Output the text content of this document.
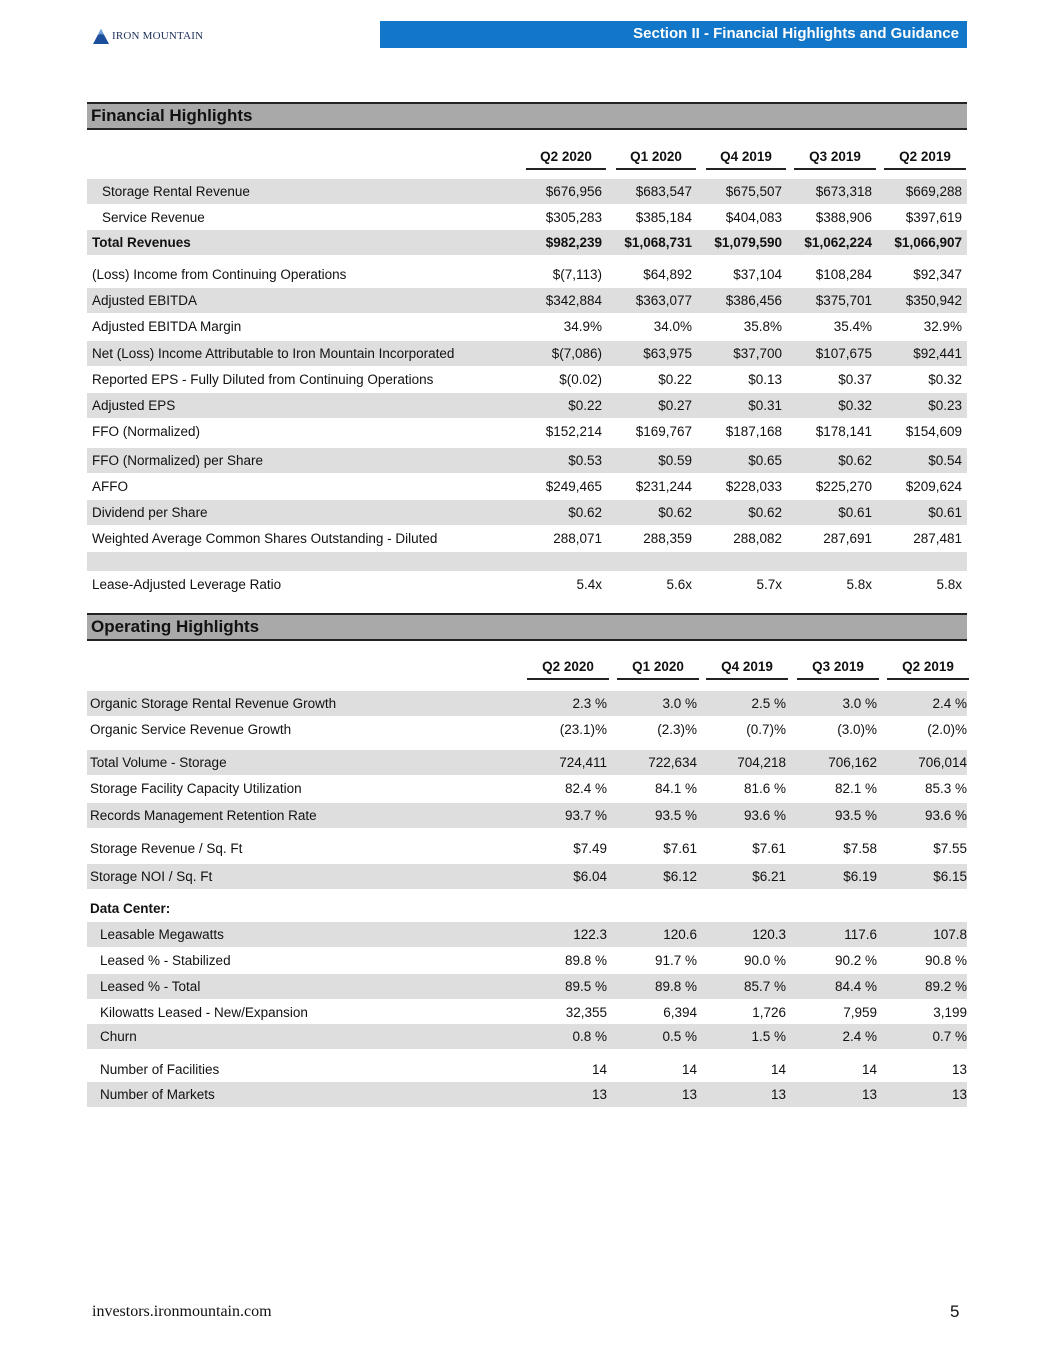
IRON MOUNTAIN	Section II - Financial Highlights and Guidance
Financial Highlights
Q2 2020	Q1 2020	Q4 2019	Q3 2019	Q2 2019
Storage Rental Revenue	$676,956	$683,547	$675,507	$673,318	$669,288
Service Revenue	$305,283	$385,184	$404,083	$388,906	$397,619
Total Revenues	$982,239	$1,068,731	$1,079,590	$1,062,224	$1,066,907
(Loss) Income from Continuing Operations	$(7,113)	$64,892	$37,104	$108,284	$92,347
Adjusted EBITDA	$342,884	$363,077	$386,456	$375,701	$350,942
Adjusted EBITDA Margin	34.9%	34.0%	35.8%	35.4%	32.9%
Net (Loss) Income Attributable to Iron Mountain Incorporated	$(7,086)	$63,975	$37,700	$107,675	$92,441
Reported EPS - Fully Diluted from Continuing Operations	$(0.02)	$0.22	$0.13	$0.37	$0.32
Adjusted EPS	$0.22	$0.27	$0.31	$0.32	$0.23
FFO (Normalized)	$152,214	$169,767	$187,168	$178,141	$154,609
FFO (Normalized) per Share	$0.53	$0.59	$0.65	$0.62	$0.54
AFFO	$249,465	$231,244	$228,033	$225,270	$209,624
Dividend per Share	$0.62	$0.62	$0.62	$0.61	$0.61
Weighted Average Common Shares Outstanding - Diluted	288,071	288,359	288,082	287,691	287,481
Lease-Adjusted Leverage Ratio	5.4x	5.6x	5.7x	5.8x	5.8x
Operating Highlights
Q2 2020	Q1 2020	Q4 2019	Q3 2019	Q2 2019
Organic Storage Rental Revenue Growth	2.3 %	3.0 %	2.5 %	3.0 %	2.4 %
Organic Service Revenue Growth	(23.1)%	(2.3)%	(0.7)%	(3.0)%	(2.0)%
Total Volume - Storage	724,411	722,634	704,218	706,162	706,014
Storage Facility Capacity Utilization	82.4 %	84.1 %	81.6 %	82.1 %	85.3 %
Records Management Retention Rate	93.7 %	93.5 %	93.6 %	93.5 %	93.6 %
Storage Revenue / Sq. Ft	$7.49	$7.61	$7.61	$7.58	$7.55
Storage NOI / Sq. Ft	$6.04	$6.12	$6.21	$6.19	$6.15
Data Center:
Leasable Megawatts	122.3	120.6	120.3	117.6	107.8
Leased % - Stabilized	89.8 %	91.7 %	90.0 %	90.2 %	90.8 %
Leased % - Total	89.5 %	89.8 %	85.7 %	84.4 %	89.2 %
Kilowatts Leased - New/Expansion	32,355	6,394	1,726	7,959	3,199
Churn	0.8 %	0.5 %	1.5 %	2.4 %	0.7 %
Number of Facilities	14	14	14	14	13
Number of Markets	13	13	13	13	13
investors.ironmountain.com	5
